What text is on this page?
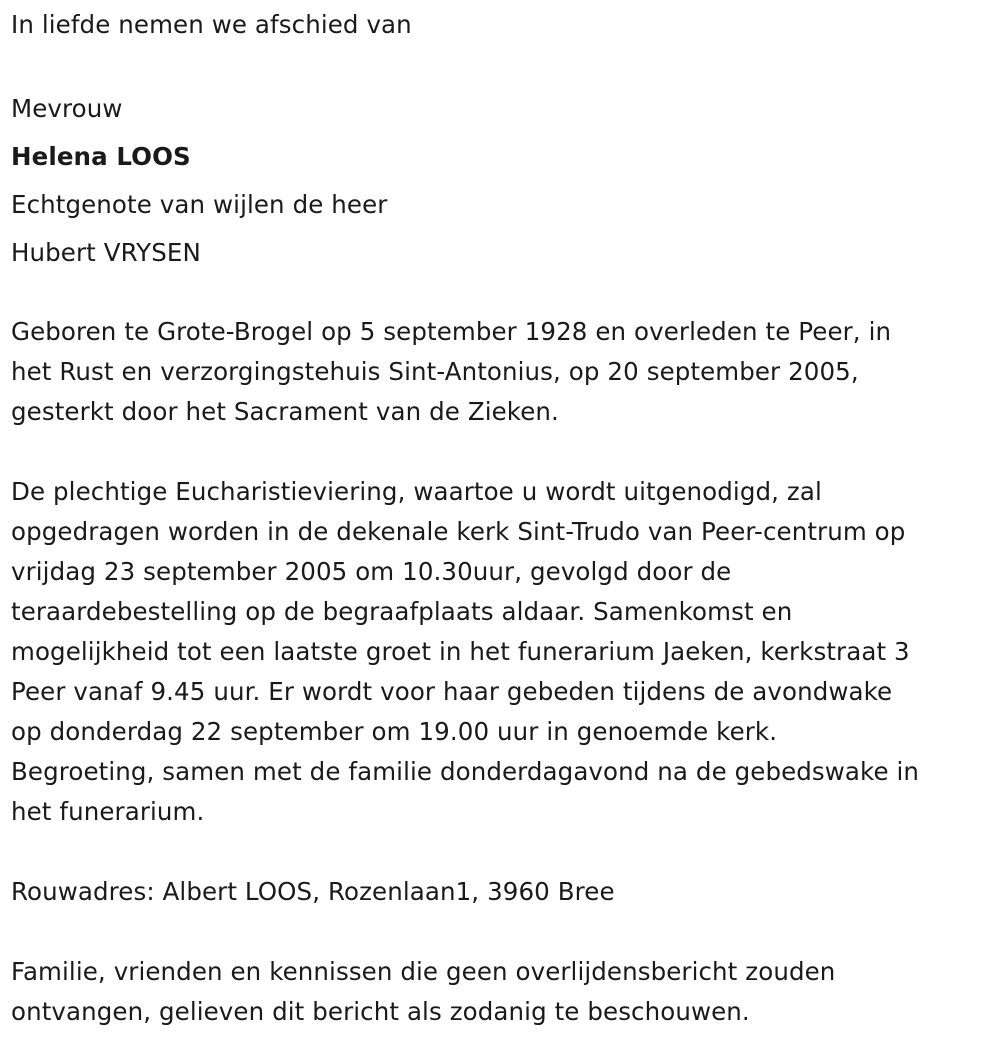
In liefde nemen we afschied van
Mevrouw
Helena LOOS
Echtgenote van wijlen de heer
Hubert VRYSEN
Geboren te Grote-Brogel op 5 september 1928 en overleden te Peer, in
het Rust en verzorgingstehuis Sint-Antonius, op 20 september 2005,
gesterkt door het Sacrament van de Zieken.
De plechtige Eucharistieviering, waartoe u wordt uitgenodigd, zal
opgedragen worden in de dekenale kerk Sint-Trudo van Peer-centrum op
vrijdag 23 september 2005 om 10.30uur, gevolgd door de
teraardebestelling op de begraafplaats aldaar. Samenkomst en
mogelijkheid tot een laatste groet in het funerarium Jaeken, kerkstraat 3
Peer vanaf 9.45 uur. Er wordt voor haar gebeden tijdens de avondwake
op donderdag 22 september om 19.00 uur in genoemde kerk.
Begroeting, samen met de familie donderdagavond na de gebedswake in
het funerarium.
Rouwadres: Albert LOOS, Rozenlaan1, 3960 Bree
Familie, vrienden en kennissen die geen overlijdensbericht zouden
ontvangen, gelieven dit bericht als zodanig te beschouwen.
